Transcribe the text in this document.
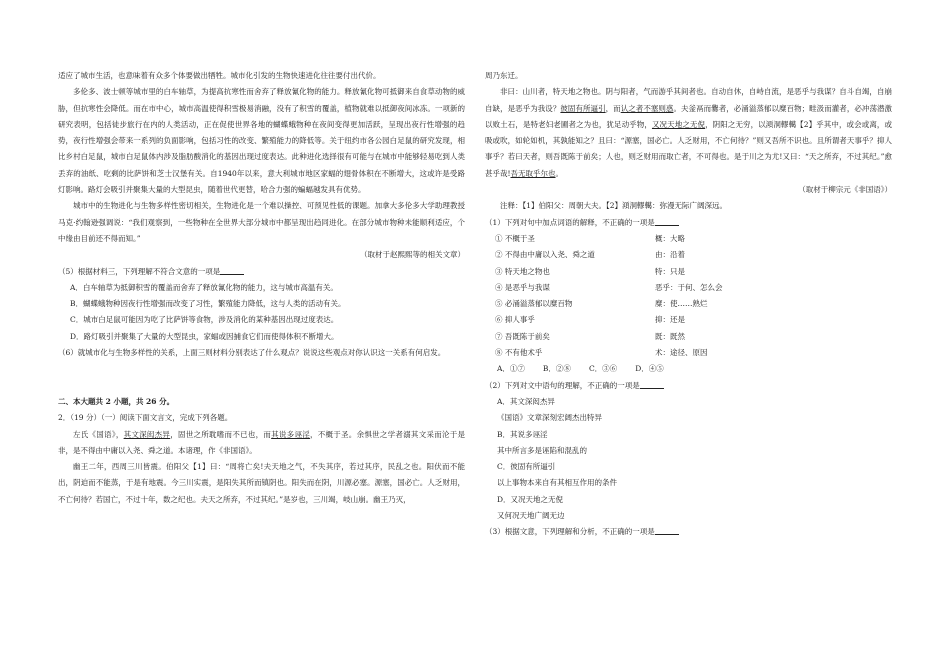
适应了城市生活，也意味着有众多个体要做出牺牲。城市化引发的生物快速进化往往要付出代价。

多伦多、波士顿等城市里的白车轴草，为提高抗寒性而舍弃了释放氰化物的能力。释放氰化物可抵御来自食草动物的威胁，但抗寒性会降低。而在市中心，城市高温使得积雪极易消融，没有了积雪的覆盖，植物就难以抵御夜间冰冻。一项新的研究表明，包括徒步旅行在内的人类活动，正在促使世界各地的蝴蝶蛾物种在夜间变得更加活跃，呈现出夜行性增强的趋势，夜行性增强会带来一系列的负面影响，包括习性的改变、繁殖能力的降低等。关于纽约市各公园白足鼠的研究发现，相比乡村白足鼠，城市白足鼠体内涉及脂肪酸消化的基因出现过度表达。此种进化选择很有可能与在城市中能够轻易吃到人类丢弃的油纸、吃剩的比萨饼和芝士汉堡有关。自1940年以来，意大利城市地区家蝠的翅骨体积在不断增大，这或许是受路灯影响。路灯会吸引并聚集大量的大型昆虫，随着世代更替，哈合力强的蝙蝠越发具有优势。

城市中的生物进化与生物多样性密切相关，生物进化是一个难以操控、可预见性低的课题。加拿大多伦多大学助理教授马克·约翰逊强调说：“我们观察到，一些物种在全世界大部分城市中都呈现出趋同进化。在部分城市物种未能顺利适应，个中缘由目前还不得而知。”

（取材于赵熙熙等的相关文章）

（5）根据材料三，下列理解不符合文意的一项是

A．白车轴草为抵御积雪的覆盖而舍弃了释放氰化物的能力，这与城市高温有关。

B．蝴蝶蛾物种因夜行性增强而改变了习性，繁殖能力降低，这与人类的活动有关。

C．城市白足鼠可能因为吃了比萨饼等食物，涉及消化的某种基因出现过度表达。

D．路灯吸引并聚集了大量的大型昆虫，家蝠或因捕食它们而使得体积不断增大。

（6）就城市化与生物多样性的关系，上面三则材料分别表达了什么观点？说说这些观点对你认识这一关系有何启发。

二、本大题共 2 小题，共 26 分。

2．（19 分）（一）阅读下面文言文，完成下列各题。

左氏《国语》，其文深闳杰异，固世之所耽嗜而不已也，而其说多诬淫，不概于圣。余惧世之学者溺其文采而沦于是非，是不得由中庸以入尧、舜之道。本诸理，作《非国语》。

幽王二年，西周三川皆震。伯阳父【1】曰：“周将亡矣!夫天地之气，不失其序，若过其序，民乱之也。阳伏而不能出，阴迫而不能蒸，于是有地震。今三川实震，是阳失其所而镇阴也。阳失而在阴，川源必塞。源塞，国必亡。人乏财用，不亡何待？若国亡，不过十年，数之纪也。夫天之所弃，不过其纪。”是岁也，三川竭，岐山崩。幽王乃灭，

周乃东迁。

非曰：山川者，特天地之物也。阴与阳者，气而游乎其间者也。自动自休，自峙自流，是恶乎与我谋？自斗自竭，自崩自缺，是恶乎为我设？彼固有所逼引，而认之者不塞则惑。夫釜鬲而爨者，必涌溢蒸郁以糜百物；畦汲而灌者，必冲荡潜激以败土石，是特老妇老圃者之为也，犹足动乎物，又况天地之无倪，阴阳之无穷，以澒洞轇轕【2】乎其中，或会或离，或吸或吹，如轮如机，其孰能知之？且曰：“源塞，国必亡。人乏财用，不亡何待？”则又吾所不识也。且所谓者天事乎？抑人事乎？若曰天者，则吾既陈于前矣；人也，则乏财用而取亡者，不可得也。是于川之为尤!又曰：“天之所弃，不过其纪。”愈甚乎哉!吾无取乎尔也。

（取材于柳宗元《非国语》）

注释：【1】伯阳父：周朝大夫。【2】澒洞轇轕：弥漫无际广阔深远。

（1）下列对句中加点词语的解释，不正确的一项是

① 不概于圣	概：大略
② 不得由中庸以入尧、舜之道	由：沿着
③ 特天地之物也	特：只是
④ 是恶乎与我谋	恶乎：于何、怎么会
⑤ 必涌溢蒸郁以糜百物	糜：使……熟烂
⑥ 抑人事乎	抑：还是
⑦ 吾既陈于前矣	既：既然
⑧ 不有他术乎	术：途径、原因
A．①⑦ B．②⑧ C．③⑥ D．④⑤

（2）下列对文中语句的理解，不正确的一项是

A．其文深闳杰异

《国语》文章深刻宏阔杰出特异

B．其说多诬淫

其中所言多是诬陷和混乱的

C．彼固有所逼引

以上事物本来自有其相互作用的条件

D．又况天地之无倪

又何况天地广阔无边

（3）根据文意，下列理解和分析，不正确的一项是
